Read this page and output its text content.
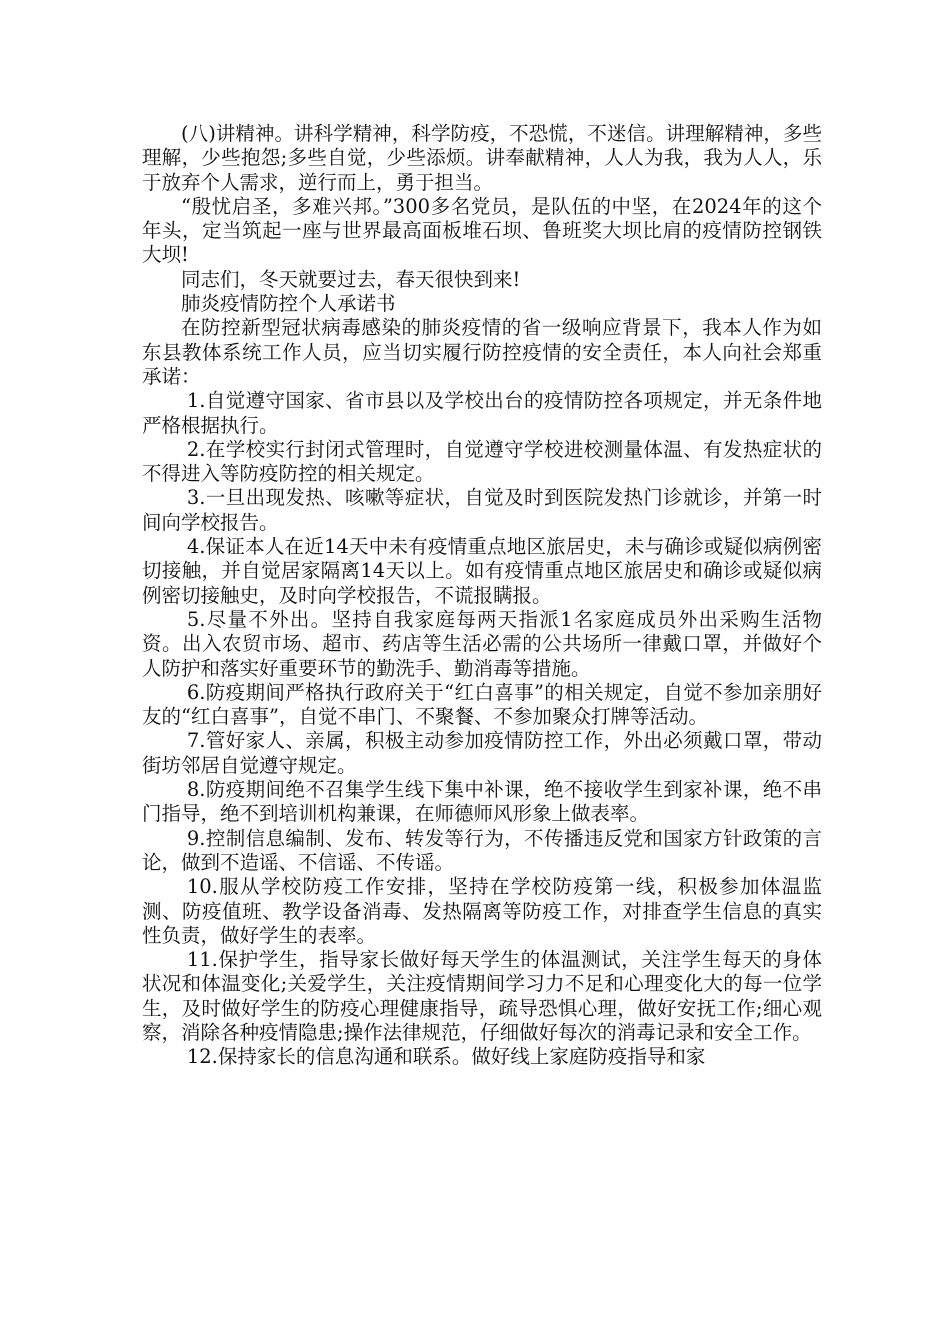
(八)讲精神。讲科学精神，科学防疫，不恐慌，不迷信。讲理解精神，多些理解，少些抱怨;多些自觉，少些添烦。讲奉献精神，人人为我，我为人人，乐于放弃个人需求，逆行而上，勇于担当。

“殷忧启圣，多难兴邦。”300多名党员，是队伍的中坚，在2024年的这个年头，定当筑起一座与世界最高面板堆石坝、鲁班奖大坝比肩的疫情防控钢铁大坝!

同志们，冬天就要过去，春天很快到来!

肺炎疫情防控个人承诺书

在防控新型冠状病毒感染的肺炎疫情的省一级响应背景下，我本人作为如东县教体系统工作人员，应当切实履行防控疫情的安全责任，本人向社会郑重承诺：

1.自觉遵守国家、省市县以及学校出台的疫情防控各项规定，并无条件地严格根据执行。

2.在学校实行封闭式管理时，自觉遵守学校进校测量体温、有发热症状的不得进入等防疫防控的相关规定。

3.一旦出现发热、咳嗽等症状，自觉及时到医院发热门诊就诊，并第一时间向学校报告。

4.保证本人在近14天中未有疫情重点地区旅居史，未与确诊或疑似病例密切接触，并自觉居家隔离14天以上。如有疫情重点地区旅居史和确诊或疑似病例密切接触史，及时向学校报告，不谎报瞒报。

5.尽量不外出。坚持自我家庭每两天指派1名家庭成员外出采购生活物资。出入农贸市场、超市、药店等生活必需的公共场所一律戴口罩，并做好个人防护和落实好重要环节的勤洗手、勤消毒等措施。

6.防疫期间严格执行政府关于“红白喜事”的相关规定，自觉不参加亲朋好友的“红白喜事”，自觉不串门、不聚餐、不参加聚众打牌等活动。

7.管好家人、亲属，积极主动参加疫情防控工作，外出必须戴口罩，带动街坊邻居自觉遵守规定。

8.防疫期间绝不召集学生线下集中补课，绝不接收学生到家补课，绝不串门指导，绝不到培训机构兼课，在师德师风形象上做表率。

9.控制信息编制、发布、转发等行为，不传播违反党和国家方针政策的言论，做到不造谣、不信谣、不传谣。

10.服从学校防疫工作安排，坚持在学校防疫第一线，积极参加体温监测、防疫值班、教学设备消毒、发热隔离等防疫工作，对排查学生信息的真实性负责，做好学生的表率。

11.保护学生，指导家长做好每天学生的体温测试，关注学生每天的身体状况和体温变化;关爱学生，关注疫情期间学习力不足和心理变化大的每一位学生，及时做好学生的防疫心理健康指导，疏导恐惧心理，做好安抚工作;细心观察，消除各种疫情隐患;操作法律规范，仔细做好每次的消毒记录和安全工作。

12.保持家长的信息沟通和联系。做好线上家庭防疫指导和家
